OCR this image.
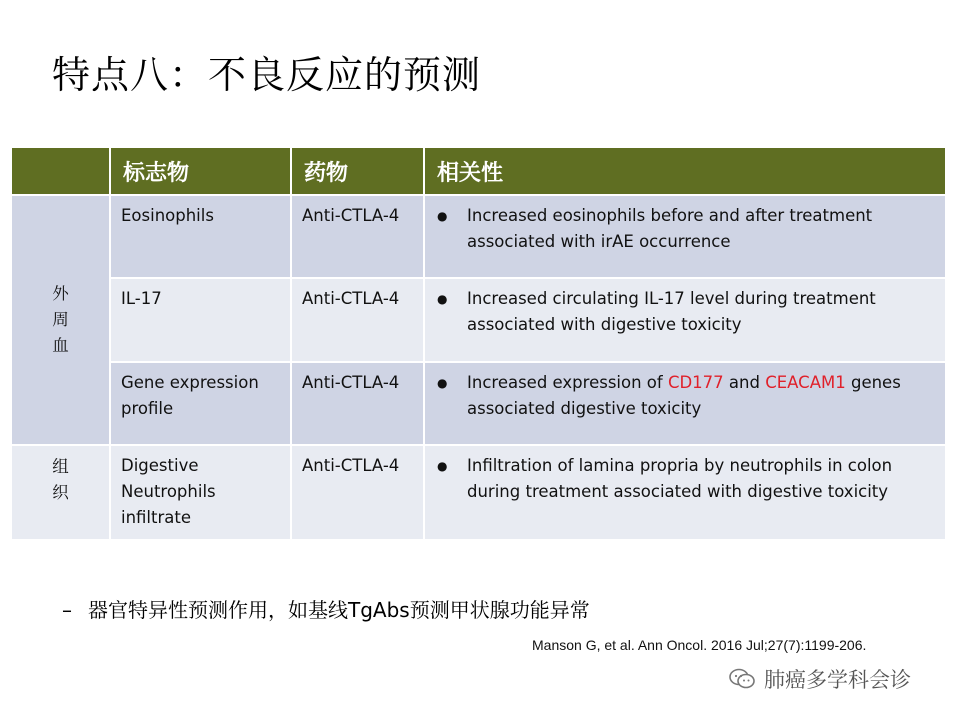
特点八：不良反应的预测
	标志物	药物	相关性
外周血	Eosinophils	Anti-CTLA-4	● Increased eosinophils before and after treatment associated with irAE occurrence

	IL-17	Anti-CTLA-4	● Increased circulating IL-17 level during treatment associated with digestive toxicity

	Gene expression profile	Anti-CTLA-4	● Increased expression of CD177 and CEACAM1 genes associated digestive toxicity

组织	Digestive Neutrophils infiltrate	Anti-CTLA-4	● Infiltration of lamina propria by neutrophils in colon during treatment associated with digestive toxicity
– 器官特异性预测作用，如基线TgAbs预测甲状腺功能异常
Manson G, et al. Ann Oncol. 2016 Jul;27(7):1199-206.
肺癌多学科会诊
